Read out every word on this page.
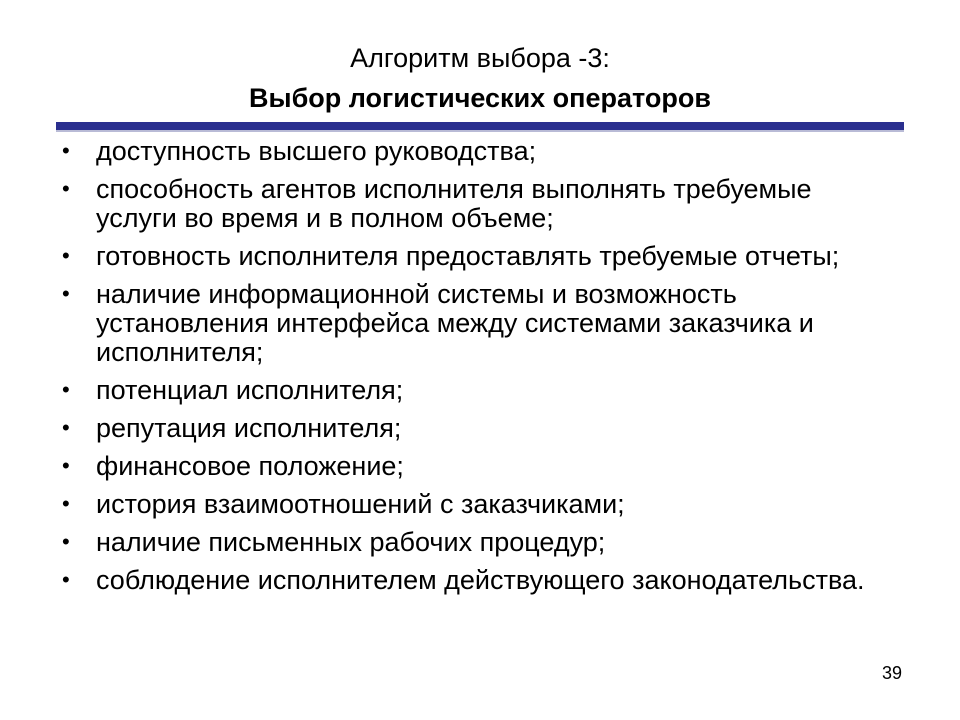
Алгоритм выбора -3:
Выбор логистических операторов
• доступность высшего руководства;
• способность агентов исполнителя выполнять требуемые услуги во время и в полном объеме;
• готовность исполнителя предоставлять требуемые отчеты;
• наличие информационной системы и возможность установления интерфейса между системами заказчика и исполнителя;
• потенциал исполнителя;
• репутация исполнителя;
• финансовое положение;
• история взаимоотношений с заказчиками;
• наличие письменных рабочих процедур;
• соблюдение исполнителем действующего законодательства.
39
